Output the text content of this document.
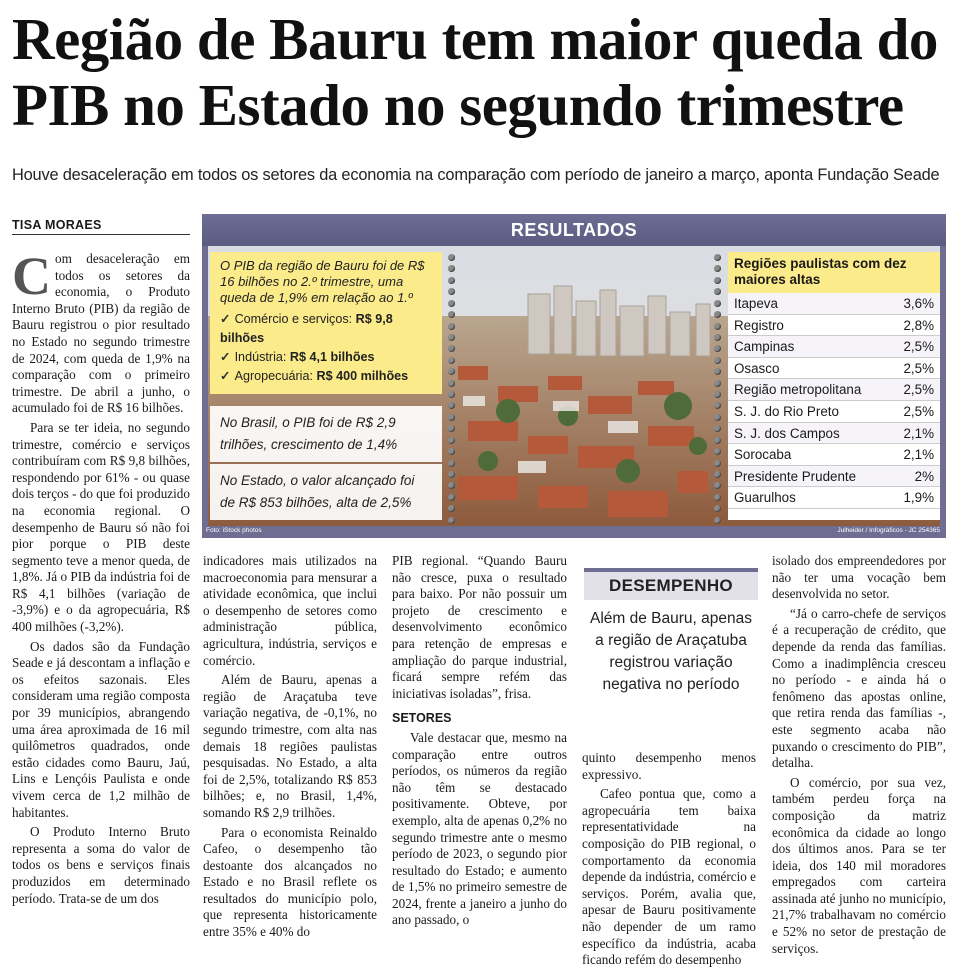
Região de Bauru tem maior queda do PIB no Estado no segundo trimestre
Houve desaceleração em todos os setores da economia na comparação com período de janeiro a março, aponta Fundação Seade
TISA MORAES	RESULTADOS
O PIB da região de Bauru foi de R$ 16 bilhões no 2.º trimestre, uma queda de 1,9% em relação ao 1.º
✓ Comércio e serviços: R$ 9,8 bilhões
✓ Indústria: R$ 4,1 bilhões
✓ Agropecuária: R$ 400 milhões
No Brasil, o PIB foi de R$ 2,9 trilhões, crescimento de 1,4%
No Estado, o valor alcançado foi de R$ 853 bilhões, alta de 2,5%
Regiões paulistas com dez maiores altas
Itapeva	3,6%
Registro	2,8%
Campinas	2,5%
Osasco	2,5%
Região metropolitana	2,5%
S. J. do Rio Preto	2,5%
S. J. dos Campos	2,1%
Sorocaba	2,1%
Presidente Prudente	2%
Guarulhos	1,9%
Foto: iStock photos	Julheider / Infográficos - JC 254365

Com desaceleração em todos os setores da economia, o Produto Interno Bruto (PIB) da região de Bauru registrou o pior resultado no Estado no segundo trimestre de 2024, com queda de 1,9% na comparação com o primeiro trimestre. De abril a junho, o acumulado foi de R$ 16 bilhões.

Para se ter ideia, no segundo trimestre, comércio e serviços contribuíram com R$ 9,8 bilhões, respondendo por 61% - ou quase dois terços - do que foi produzido na economia regional. O desempenho de Bauru só não foi pior porque o PIB deste segmento teve a menor queda, de 1,8%. Já o PIB da indústria foi de R$ 4,1 bilhões (variação de -3,9%) e o da agropecuária, R$ 400 milhões (-3,2%).

Os dados são da Fundação Seade e já descontam a inflação e os efeitos sazonais. Eles consideram uma região composta por 39 municípios, abrangendo uma área aproximada de 16 mil quilômetros quadrados, onde estão cidades como Bauru, Jaú, Lins e Lençóis Paulista e onde vivem cerca de 1,2 milhão de habitantes.

O Produto Interno Bruto representa a soma do valor de todos os bens e serviços finais produzidos em determinado período. Trata-se de um dos

indicadores mais utilizados na macroeconomia para mensurar a atividade econômica, que inclui o desempenho de setores como administração pública, agricultura, indústria, serviços e comércio.

Além de Bauru, apenas a região de Araçatuba teve variação negativa, de -0,1%, no segundo trimestre, com alta nas demais 18 regiões paulistas pesquisadas. No Estado, a alta foi de 2,5%, totalizando R$ 853 bilhões; e, no Brasil, 1,4%, somando R$ 2,9 trilhões.

Para o economista Reinaldo Cafeo, o desempenho tão destoante dos alcançados no Estado e no Brasil reflete os resultados do município polo, que representa historicamente entre 35% e 40% do

PIB regional. “Quando Bauru não cresce, puxa o resultado para baixo. Por não possuir um projeto de crescimento e desenvolvimento econômico para retenção de empresas e ampliação do parque industrial, ficará sempre refém das iniciativas isoladas”, frisa.

SETORES

Vale destacar que, mesmo na comparação entre outros períodos, os números da região não têm se destacado positivamente. Obteve, por exemplo, alta de apenas 0,2% no segundo trimestre ante o mesmo período de 2023, o segundo pior resultado do Estado; e aumento de 1,5% no primeiro semestre de 2024, frente a janeiro a junho do ano passado, o

DESEMPENHO
Além de Bauru, apenas a região de Araçatuba registrou variação negativa no período

quinto desempenho menos expressivo.

Cafeo pontua que, como a agropecuária tem baixa representatividade na composição do PIB regional, o comportamento da economia depende da indústria, comércio e serviços. Porém, avalia que, apesar de Bauru positivamente não depender de um ramo específico da indústria, acaba ficando refém do desempenho

isolado dos empreendedores por não ter uma vocação bem desenvolvida no setor.

“Já o carro-chefe de serviços é a recuperação de crédito, que depende da renda das famílias. Como a inadimplência cresceu no período - e ainda há o fenômeno das apostas online, que retira renda das famílias -, este segmento acaba não puxando o crescimento do PIB”, detalha.

O comércio, por sua vez, também perdeu força na composição da matriz econômica da cidade ao longo dos últimos anos. Para se ter ideia, dos 140 mil moradores empregados com carteira assinada até junho no município, 21,7% trabalhavam no comércio e 52% no setor de prestação de serviços.
